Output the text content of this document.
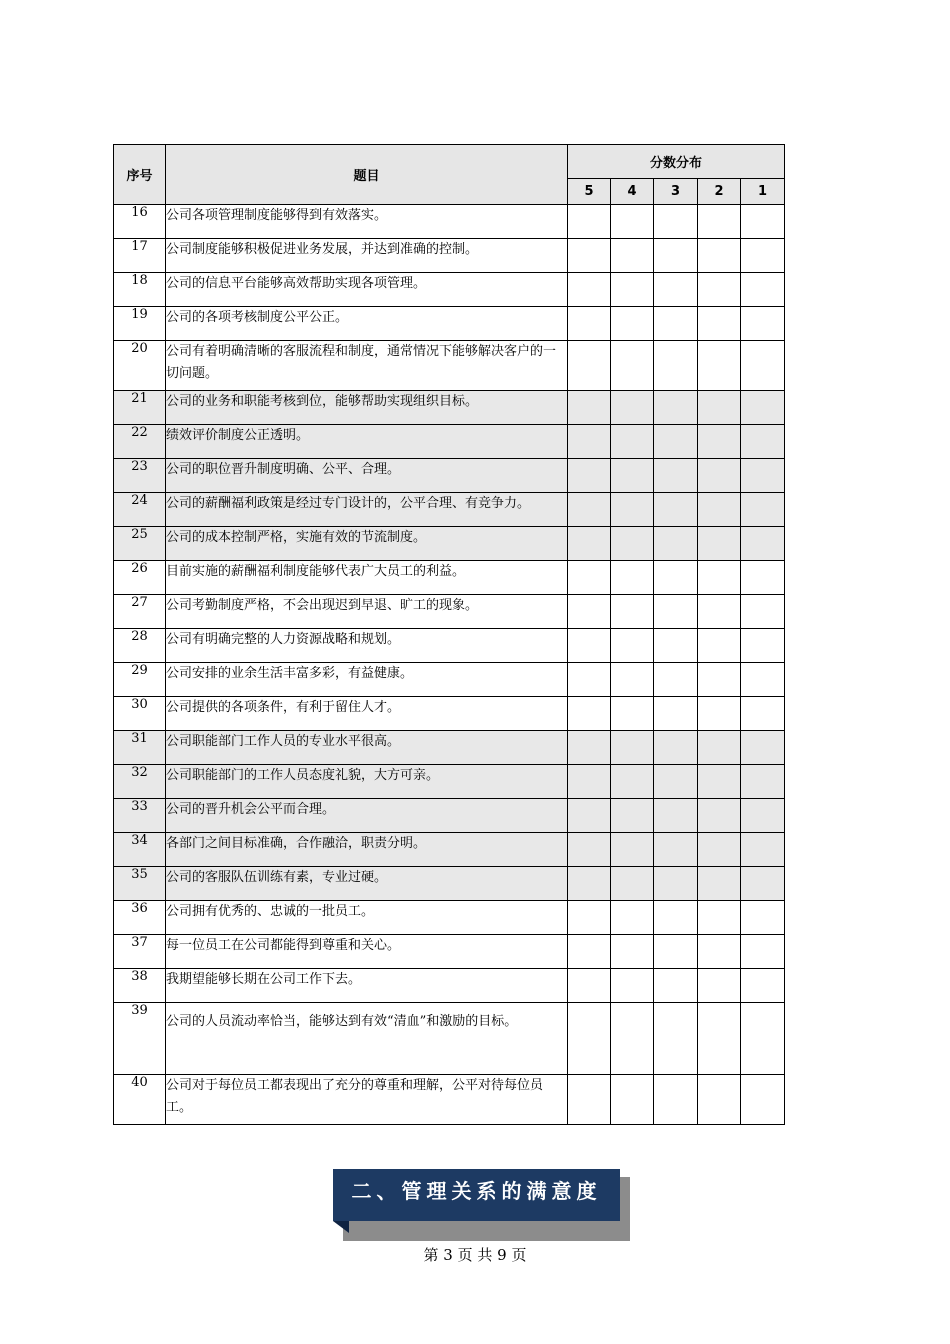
序号	题目	分数分布				
		5	4	3	2	1
16	公司各项管理制度能够得到有效落实。					
17	公司制度能够积极促进业务发展，并达到准确的控制。					
18	公司的信息平台能够高效帮助实现各项管理。					
19	公司的各项考核制度公平公正。					
20	公司有着明确清晰的客服流程和制度，通常情况下能够解决客户的一切问题。					
21	公司的业务和职能考核到位，能够帮助实现组织目标。					
22	绩效评价制度公正透明。					
23	公司的职位晋升制度明确、公平、合理。					
24	公司的薪酬福利政策是经过专门设计的，公平合理、有竞争力。					
25	公司的成本控制严格，实施有效的节流制度。					
26	目前实施的薪酬福利制度能够代表广大员工的利益。					
27	公司考勤制度严格，不会出现迟到早退、旷工的现象。					
28	公司有明确完整的人力资源战略和规划。					
29	公司安排的业余生活丰富多彩，有益健康。					
30	公司提供的各项条件，有利于留住人才。					
31	公司职能部门工作人员的专业水平很高。					
32	公司职能部门的工作人员态度礼貌，大方可亲。					
33	公司的晋升机会公平而合理。					
34	各部门之间目标准确，合作融洽，职责分明。					
35	公司的客服队伍训练有素，专业过硬。					
36	公司拥有优秀的、忠诚的一批员工。					
37	每一位员工在公司都能得到尊重和关心。					
38	我期望能够长期在公司工作下去。					
39	公司的人员流动率恰当，能够达到有效“清血”和激励的目标。					
40	公司对于每位员工都表现出了充分的尊重和理解，公平对待每位员工。					
二、管理关系的满意度
第 3 页 共 9 页
